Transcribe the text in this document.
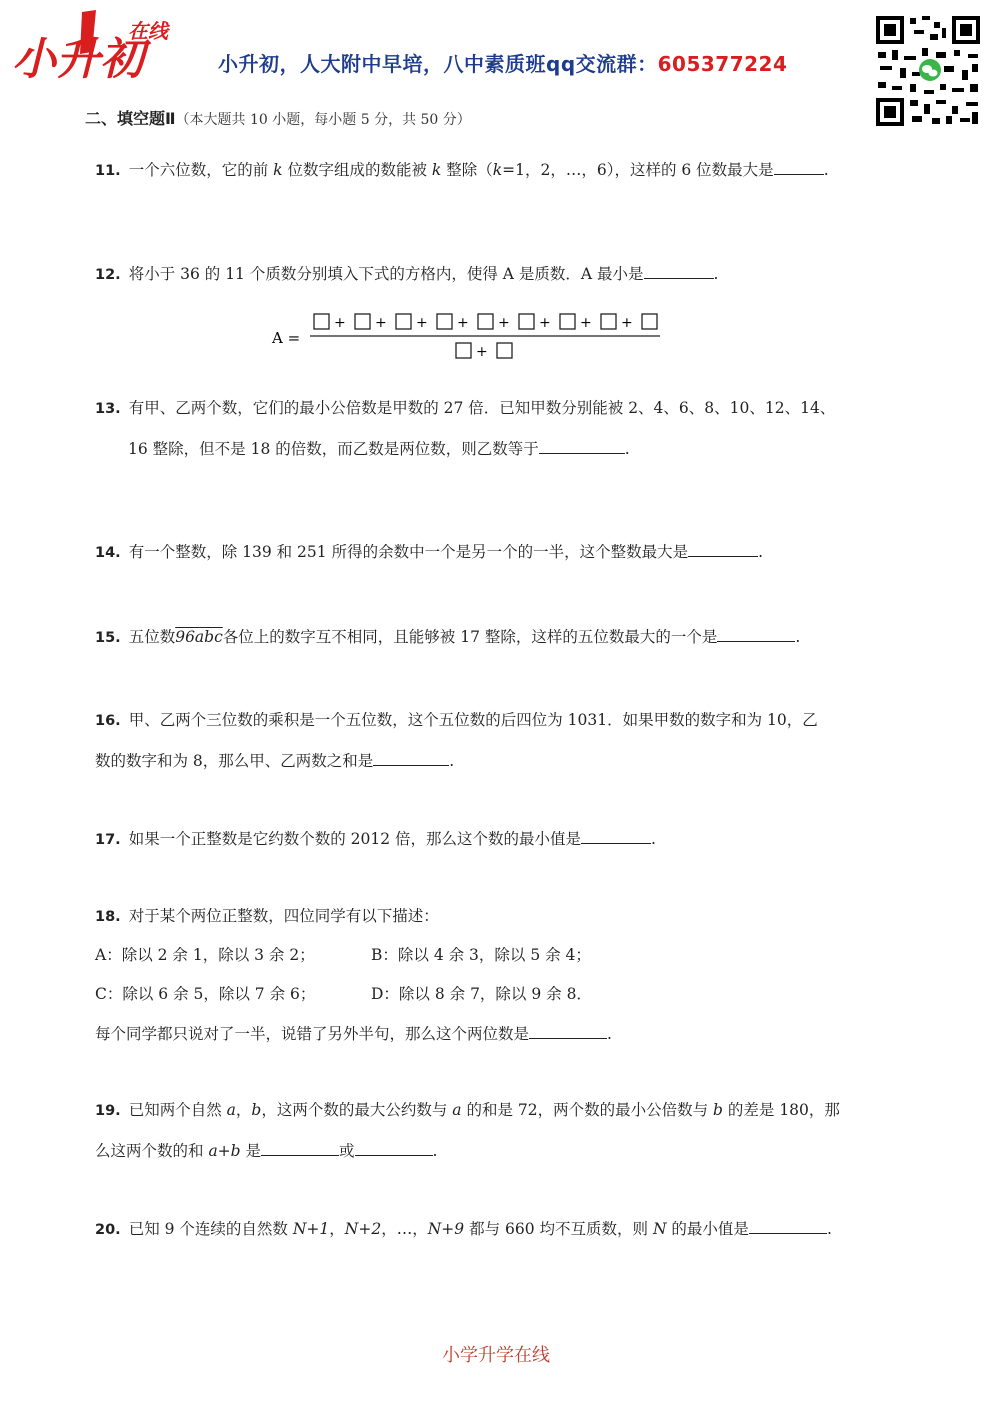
在线
小升初	小升初，人大附中早培，八中素质班qq交流群：605377224
二、填空题Ⅱ（本大题共 10 小题，每小题 5 分，共 50 分）
11. 一个六位数，它的前 k 位数字组成的数能被 k 整除（k=1，2，…，6），这样的 6 位数最大是	.
12. 将小于 36 的 11 个质数分别填入下式的方格内，使得 A 是质数．A 最小是	.
A =
+ + + + + + + +
+
13. 有甲、乙两个数，它们的最小公倍数是甲数的 27 倍．已知甲数分别能被 2、4、6、8、10、12、14、
16 整除，但不是 18 的倍数，而乙数是两位数，则乙数等于	.
14. 有一个整数，除 139 和 251 所得的余数中一个是另一个的一半，这个整数最大是	.
15. 五位数96abc各位上的数字互不相同，且能够被 17 整除，这样的五位数最大的一个是	.
16. 甲、乙两个三位数的乘积是一个五位数，这个五位数的后四位为 1031．如果甲数的数字和为 10，乙
数的数字和为 8，那么甲、乙两数之和是	.
17. 如果一个正整数是它约数个数的 2012 倍，那么这个数的最小值是	.
18. 对于某个两位正整数，四位同学有以下描述：
A：除以 2 余 1，除以 3 余 2；	B：除以 4 余 3，除以 5 余 4；
C：除以 6 余 5，除以 7 余 6；	D：除以 8 余 7，除以 9 余 8．
每个同学都只说对了一半，说错了另外半句，那么这个两位数是	.
19. 已知两个自然 a，b，这两个数的最大公约数与 a 的和是 72，两个数的最小公倍数与 b 的差是 180，那
么这两个数的和 a+b 是	或	.
20. 已知 9 个连续的自然数 N+1，N+2，…，N+9 都与 660 均不互质数，则 N 的最小值是	.
小学升学在线
